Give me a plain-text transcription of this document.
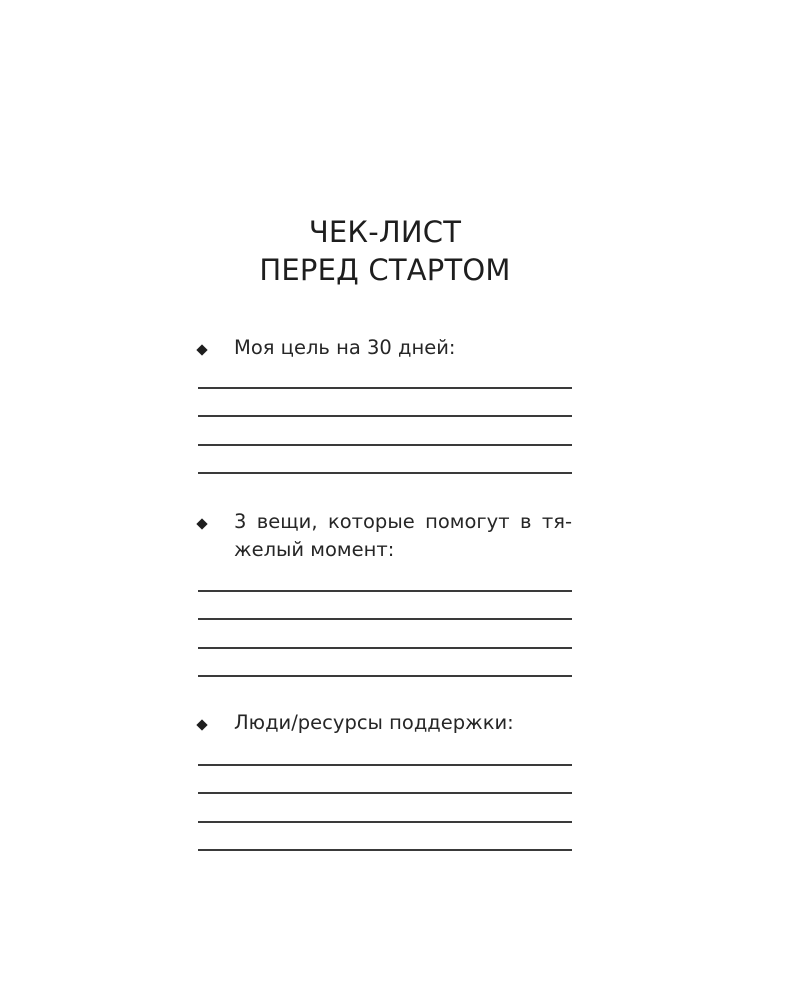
ЧЕК-ЛИСТ
ПЕРЕД СТАРТОМ
Моя цель на 30 дней:
3 вещи, которые помогут в тя-
желый момент:
Люди/ресурсы поддержки:
